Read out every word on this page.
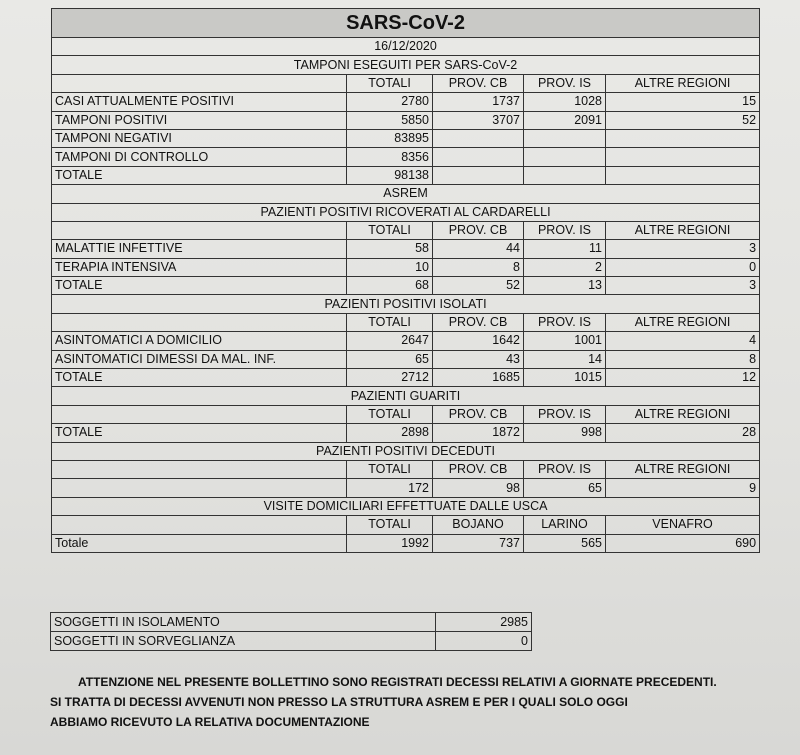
SARS-CoV-2				
16/12/2020				
TAMPONI ESEGUITI PER SARS-CoV-2				
	TOTALI	PROV. CB	PROV. IS	ALTRE REGIONI
CASI ATTUALMENTE POSITIVI	2780	1737	1028	15
TAMPONI POSITIVI	5850	3707	2091	52
TAMPONI NEGATIVI	83895			
TAMPONI DI CONTROLLO	8356			
TOTALE	98138			
ASREM				
PAZIENTI POSITIVI RICOVERATI AL CARDARELLI				
	TOTALI	PROV. CB	PROV. IS	ALTRE REGIONI
MALATTIE INFETTIVE	58	44	11	3
TERAPIA INTENSIVA	10	8	2	0
TOTALE	68	52	13	3
PAZIENTI POSITIVI ISOLATI				
	TOTALI	PROV. CB	PROV. IS	ALTRE REGIONI
ASINTOMATICI A DOMICILIO	2647	1642	1001	4
ASINTOMATICI DIMESSI DA MAL. INF.	65	43	14	8
TOTALE	2712	1685	1015	12
PAZIENTI GUARITI				
	TOTALI	PROV. CB	PROV. IS	ALTRE REGIONI
TOTALE	2898	1872	998	28
PAZIENTI POSITIVI DECEDUTI				
	TOTALI	PROV. CB	PROV. IS	ALTRE REGIONI
	172	98	65	9
VISITE DOMICILIARI EFFETTUATE DALLE USCA				
	TOTALI	BOJANO	LARINO	VENAFRO
Totale	1992	737	565	690
SOGGETTI IN ISOLAMENTO	2985
SOGGETTI IN SORVEGLIANZA	0
ATTENZIONE NEL PRESENTE BOLLETTINO SONO REGISTRATI DECESSI RELATIVI A GIORNATE PRECEDENTI.
SI TRATTA DI DECESSI AVVENUTI NON PRESSO LA STRUTTURA ASREM E PER I QUALI SOLO OGGI
ABBIAMO RICEVUTO LA RELATIVA DOCUMENTAZIONE
